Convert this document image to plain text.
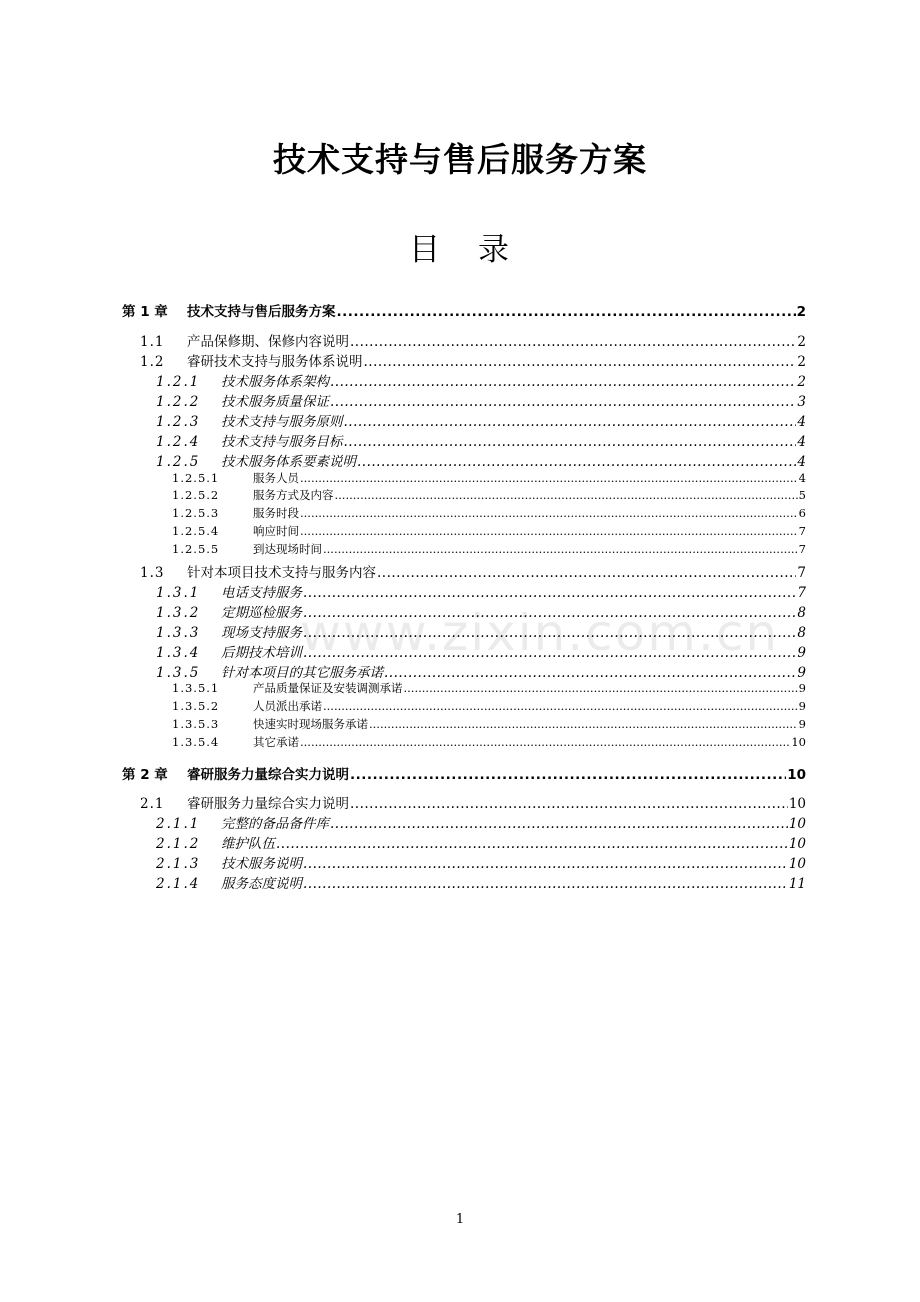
技术支持与售后服务方案
目 录
www.zixin.com.cn
第 1 章	技术支持与售后服务方案 .....	2
1.1	产品保修期、保修内容说明 .....	2
1.2	睿研技术支持与服务体系说明 .....	2
1.2.1	技术服务体系架构 .....	2
1.2.2	技术服务质量保证 .....	3
1.2.3	技术支持与服务原则 .....	4
1.2.4	技术支持与服务目标 .....	4
1.2.5	技术服务体系要素说明 .....	4
1.2.5.1	服务人员 .....	4
1.2.5.2	服务方式及内容 .....	5
1.2.5.3	服务时段 .....	6
1.2.5.4	响应时间 .....	7
1.2.5.5	到达现场时间 .....	7
1.3	针对本项目技术支持与服务内容 .....	7
1.3.1	电话支持服务 .....	7
1.3.2	定期巡检服务 .....	8
1.3.3	现场支持服务 .....	8
1.3.4	后期技术培训 .....	9
1.3.5	针对本项目的其它服务承诺 .....	9
1.3.5.1	产品质量保证及安装调测承诺 .....	9
1.3.5.2	人员派出承诺 .....	9
1.3.5.3	快速实时现场服务承诺 .....	9
1.3.5.4	其它承诺 .....	10
第 2 章	睿研服务力量综合实力说明 .....	10
2.1	睿研服务力量综合实力说明 .....	10
2.1.1	完整的备品备件库 .....	10
2.1.2	维护队伍 .....	10
2.1.3	技术服务说明 .....	10
2.1.4	服务态度说明 .....	11
1
